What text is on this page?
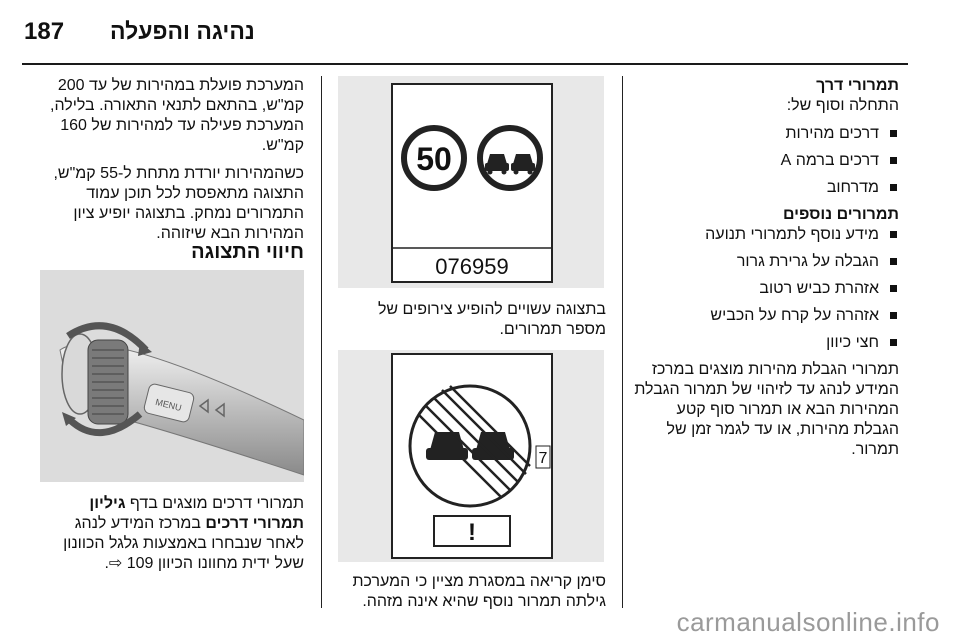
187 נהיגה והפעלה
תמרורי דרך
התחלה וסוף של:
דרכים מהירות
דרכים ברמה A
מדרחוב
תמרורים נוספים
מידע נוסף לתמרורי תנועה
הגבלה על גרירת גרור
אזהרת כביש רטוב
אזהרה על קרח על הכביש
חצי כיוון

תמרורי הגבלת מהירות מוצגים במרכז המידע לנהג עד לזיהוי של תמרור הגבלת המהירות הבא או תמרור סוף קטע הגבלת מהירות, או עד לגמר זמן של תמרור.

50
076959
בתצוגה עשויים להופיע צירופים של מספר תמרורים.
7
!
סימן קריאה במסגרת מציין כי המערכת גילתה תמרור נוסף שהיא אינה מזהה.

המערכת פועלת במהירות של עד 200 קמ"ש, בהתאם לתנאי התאורה. בלילה, המערכת פעילה עד למהירות של 160 קמ"ש.

כשהמהירות יורדת מתחת ל-55 קמ"ש, התצוגה מתאפסת לכל תוכן עמוד התמרורים נמחק. בתצוגה יופיע ציון המהירות הבא שיזוהה.

חיווי התצוגה
MENU
תמרורי דרכים מוצגים בדף גיליון תמרורי דרכים במרכז המידע לנהג לאחר שנבחרו באמצעות גלגל הכוונון שעל ידית מחוונו הכיוון 109 ⇨.
carmanualsonline.info
